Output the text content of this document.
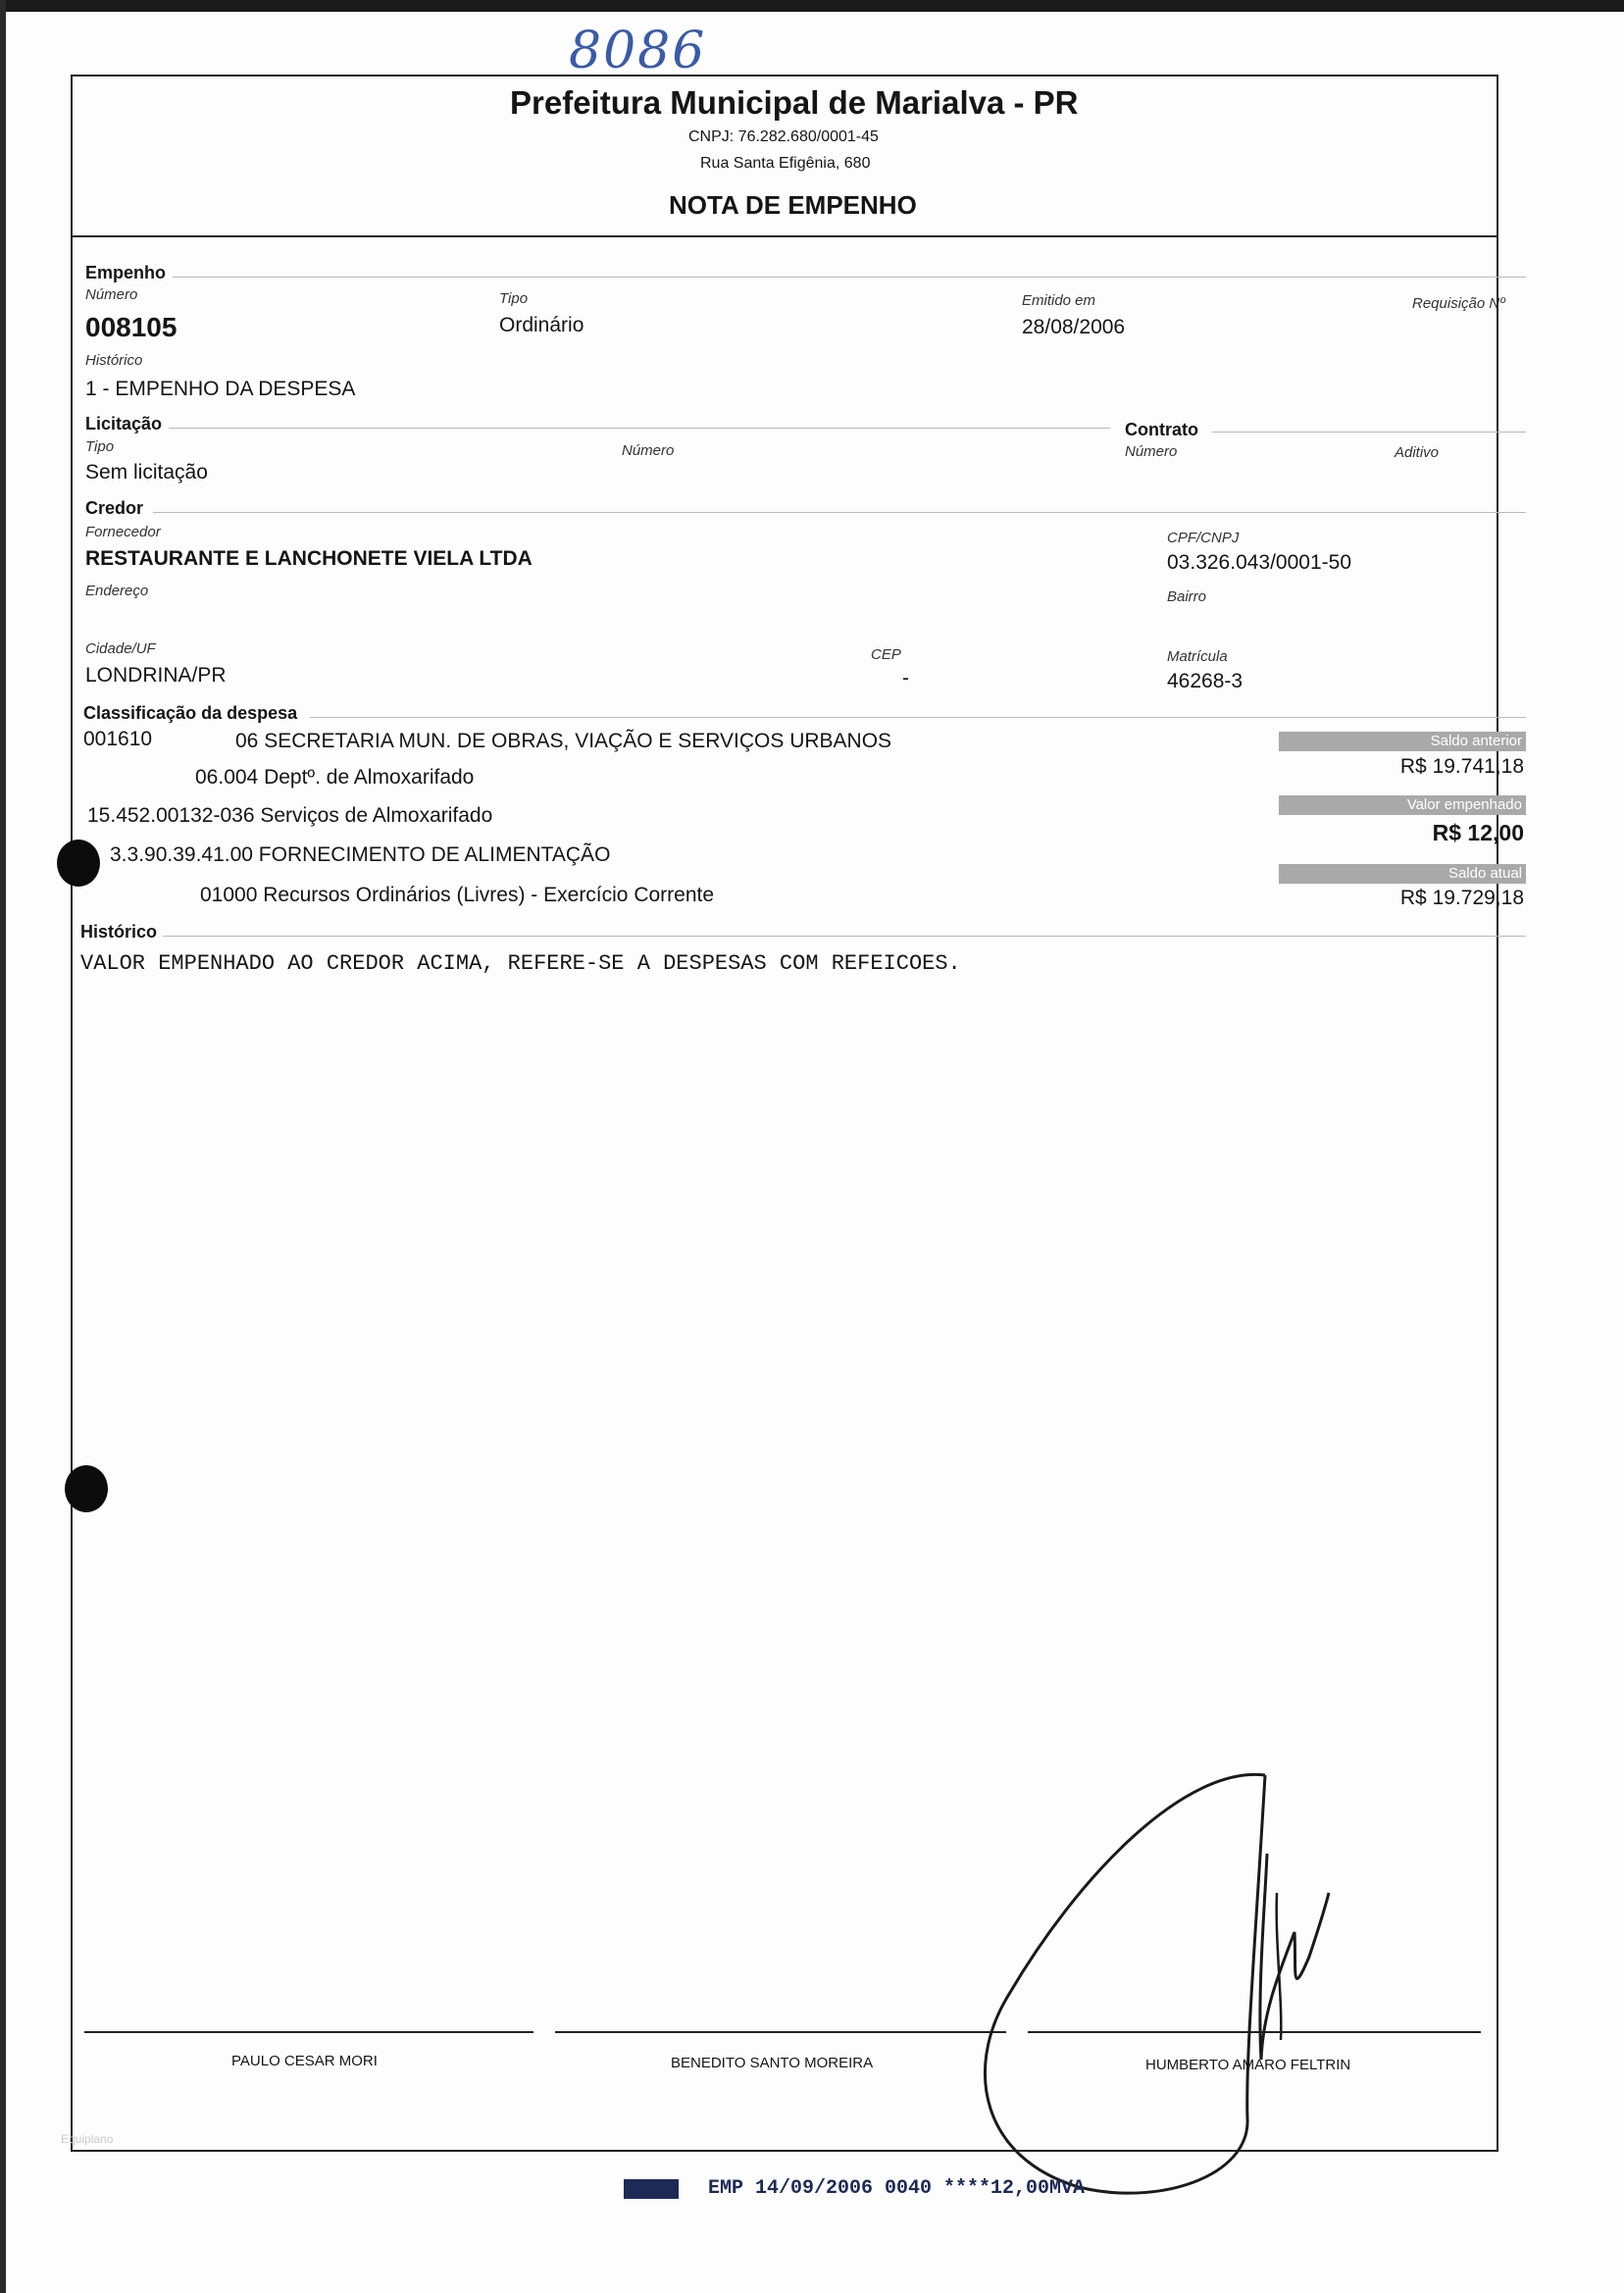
8086
Prefeitura Municipal de Marialva - PR
CNPJ: 76.282.680/0001-45
Rua Santa Efigênia, 680
NOTA DE EMPENHO
Empenho
Número
008105
Tipo
Ordinário
Emitido em
28/08/2006
Requisição Nº
Histórico
1 - EMPENHO DA DESPESA
Licitação
Tipo
Sem licitação
Número
Contrato
Número	Aditivo
Credor
Fornecedor
RESTAURANTE E LANCHONETE VIELA LTDA
CPF/CNPJ
03.326.043/0001-50
Endereço	Bairro
Cidade/UF
LONDRINA/PR
CEP
-
Matrícula
46268-3
Classificação da despesa
001610	06 SECRETARIA MUN. DE OBRAS, VIAÇÃO E SERVIÇOS URBANOS
06.004 Deptº. de Almoxarifado
15.452.00132-036 Serviços de Almoxarifado
3.3.90.39.41.00 FORNECIMENTO DE ALIMENTAÇÃO
01000 Recursos Ordinários (Livres) - Exercício Corrente
Saldo anterior
R$ 19.741,18
Valor empenhado
R$ 12,00
Saldo atual
R$ 19.729,18
Histórico
VALOR EMPENHADO AO CREDOR ACIMA, REFERE-SE A DESPESAS COM REFEICOES.
PAULO CESAR MORI	BENEDITO SANTO MOREIRA	HUMBERTO AMARO FELTRIN
Equiplano
EMP 14/09/2006 0040 ****12,00MVA
